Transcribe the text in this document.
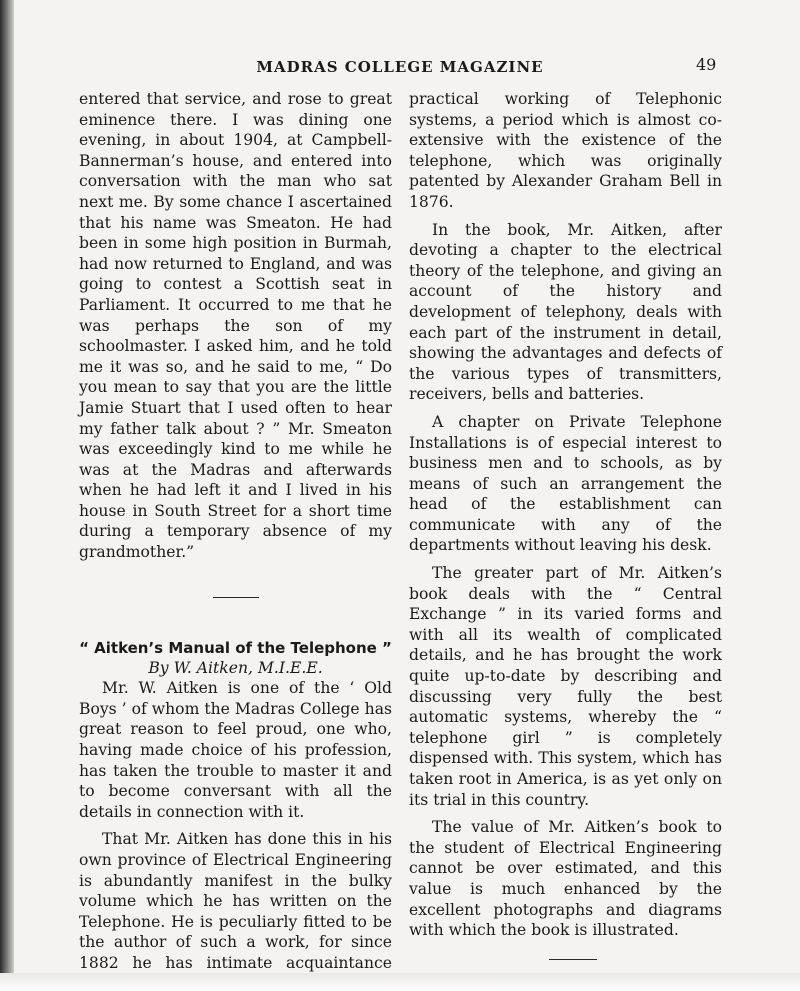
MADRAS COLLEGE MAGAZINE	49

entered that service, and rose to great eminence there. I was dining one evening, in about 1904, at Campbell-Bannerman’s house, and entered into conversation with the man who sat next me. By some chance I ascertained that his name was Smeaton. He had been in some high position in Burmah, had now returned to England, and was going to contest a Scottish seat in Parliament. It occurred to me that he was perhaps the son of my schoolmaster. I asked him, and he told me it was so, and he said to me, “ Do you mean to say that you are the little Jamie Stuart that I used often to hear my father talk about ? ” Mr. Smeaton was exceedingly kind to me while he was at the Madras and afterwards when he had left it and I lived in his house in South Street for a short time during a temporary absence of my grandmother.”

“ Aitken’s Manual of the Telephone ”

By W. Aitken, M.I.E.E.

Mr. W. Aitken is one of the ‘ Old Boys ’ of whom the Madras College has great reason to feel proud, one who, having made choice of his profession, has taken the trouble to master it and to become conversant with all the details in connection with it.

That Mr. Aitken has done this in his own province of Electrical Engineering is abundantly manifest in the bulky volume which he has written on the Telephone. He is peculiarly fitted to be the author of such a work, for since 1882 he has intimate acquaintance

practical working of Telephonic systems, a period which is almost co-extensive with the existence of the telephone, which was originally patented by Alexander Graham Bell in 1876.

In the book, Mr. Aitken, after devoting a chapter to the electrical theory of the telephone, and giving an account of the history and development of telephony, deals with each part of the instrument in detail, showing the advantages and defects of the various types of transmitters, receivers, bells and batteries.

A chapter on Private Telephone Installations is of especial interest to business men and to schools, as by means of such an arrangement the head of the establishment can communicate with any of the departments without leaving his desk.

The greater part of Mr. Aitken’s book deals with the “ Central Exchange ” in its varied forms and with all its wealth of complicated details, and he has brought the work quite up-to-date by describing and discussing very fully the best automatic systems, whereby the “ telephone girl ” is completely dispensed with. This system, which has taken root in America, is as yet only on its trial in this country.

The value of Mr. Aitken’s book to the student of Electrical Engineering cannot be over estimated, and this value is much enhanced by the excellent photographs and diagrams with which the book is illustrated.
